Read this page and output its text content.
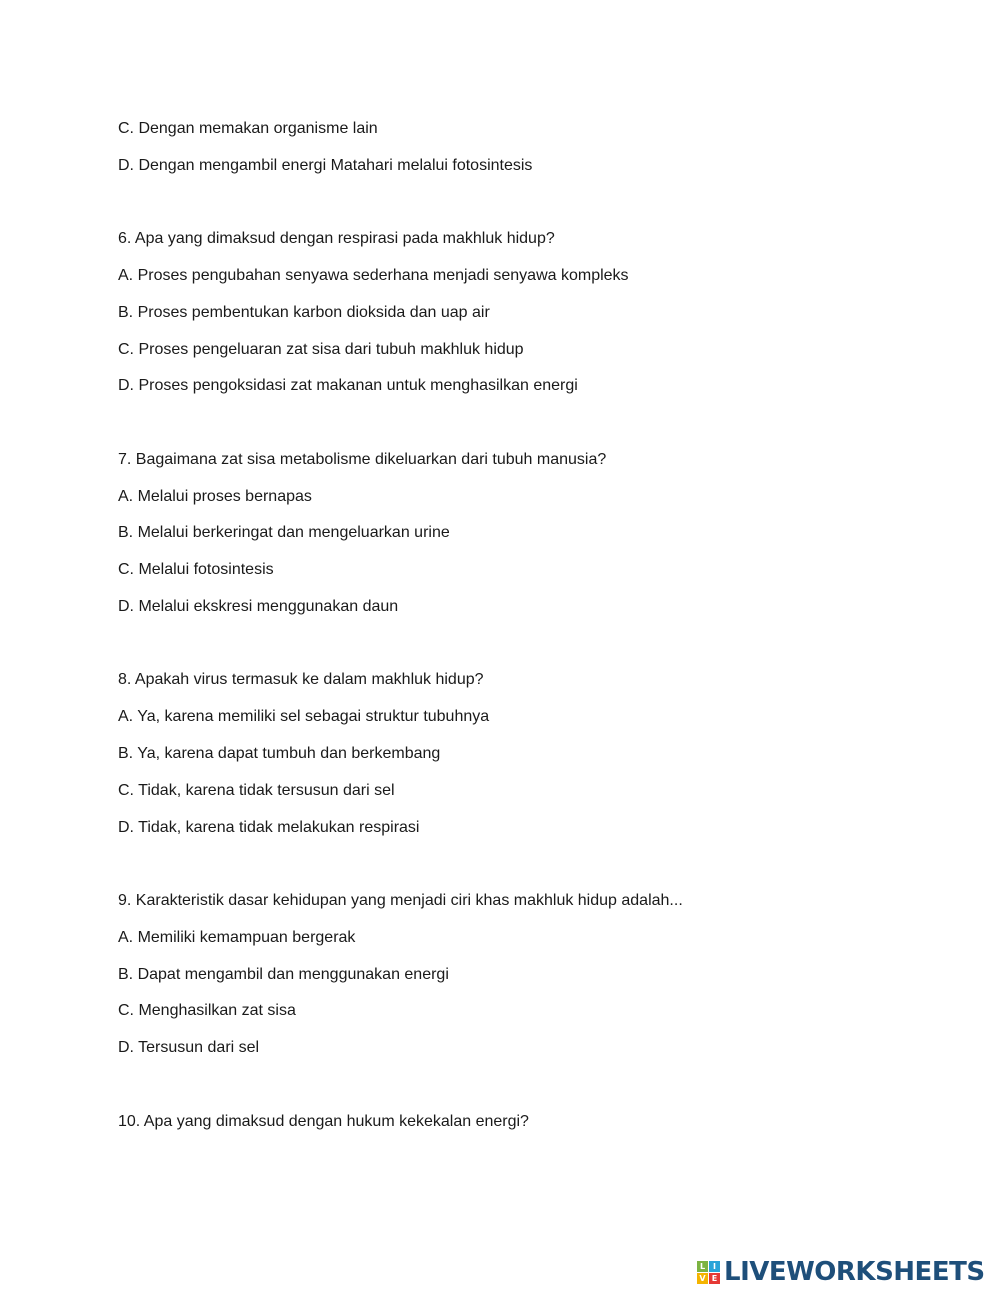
C. Dengan memakan organisme lain
D. Dengan mengambil energi Matahari melalui fotosintesis
6. Apa yang dimaksud dengan respirasi pada makhluk hidup?
A. Proses pengubahan senyawa sederhana menjadi senyawa kompleks
B. Proses pembentukan karbon dioksida dan uap air
C. Proses pengeluaran zat sisa dari tubuh makhluk hidup
D. Proses pengoksidasi zat makanan untuk menghasilkan energi
7. Bagaimana zat sisa metabolisme dikeluarkan dari tubuh manusia?
A. Melalui proses bernapas
B. Melalui berkeringat dan mengeluarkan urine
C. Melalui fotosintesis
D. Melalui ekskresi menggunakan daun
8. Apakah virus termasuk ke dalam makhluk hidup?
A. Ya, karena memiliki sel sebagai struktur tubuhnya
B. Ya, karena dapat tumbuh dan berkembang
C. Tidak, karena tidak tersusun dari sel
D. Tidak, karena tidak melakukan respirasi
9. Karakteristik dasar kehidupan yang menjadi ciri khas makhluk hidup adalah...
A. Memiliki kemampuan bergerak
B. Dapat mengambil dan menggunakan energi
C. Menghasilkan zat sisa
D. Tersusun dari sel
10. Apa yang dimaksud dengan hukum kekekalan energi?
L I
V E LIVEWORKSHEETS
